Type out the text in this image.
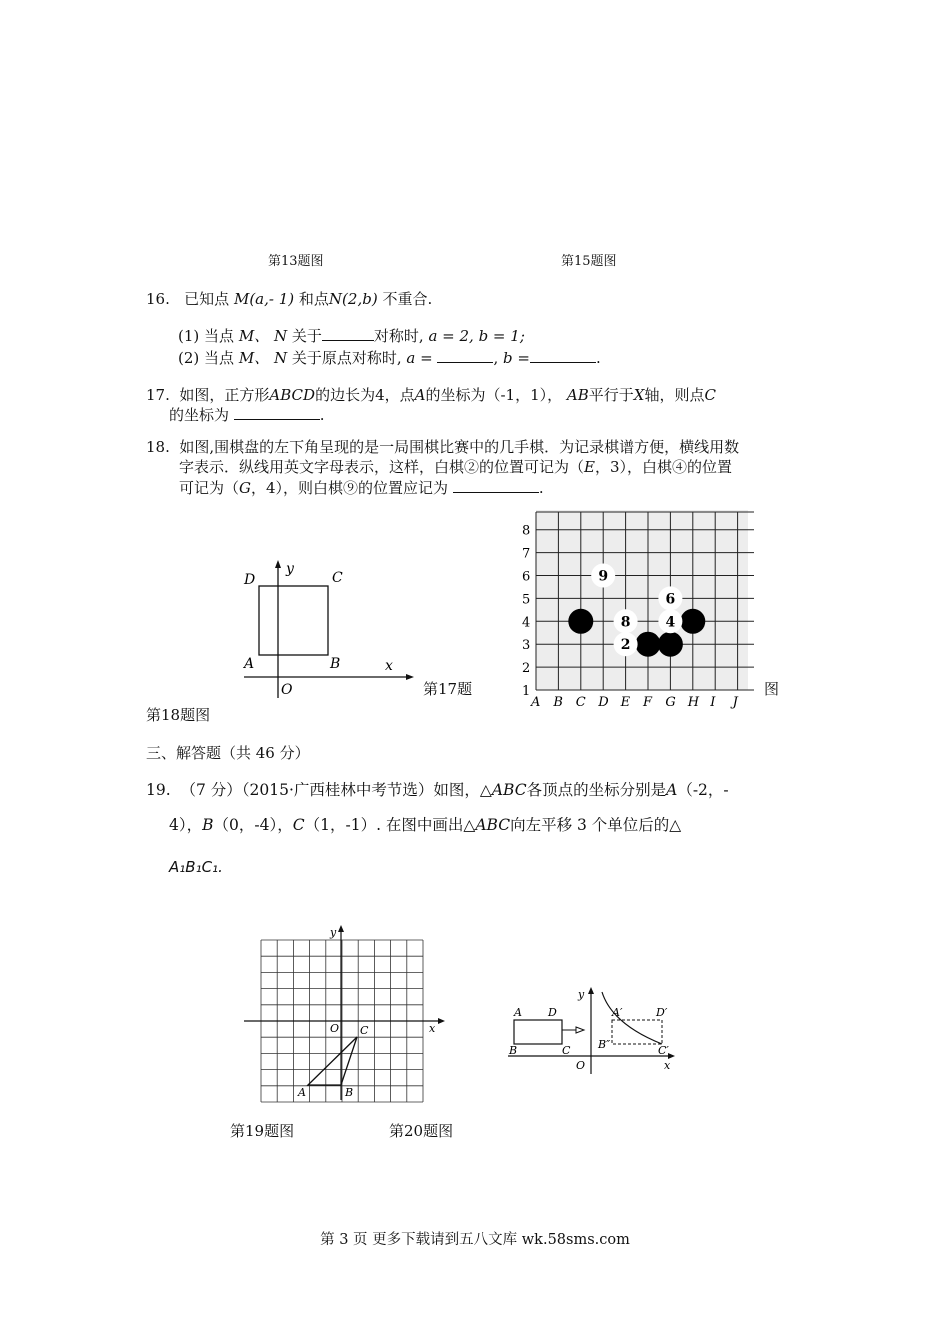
第13题图	第15题图
16. 已知点 M(a,- 1) 和点N(2,b) 不重合.
(1) 当点 M、 N 关于	对称时, a = 2, b = 1;
(2) 当点 M、 N 关于原点对称时, a =	, b =	.
17. 如图，正方形ABCD的边长为4，点A的坐标为（-1，1）， AB平行于X轴，则点C
的坐标为	.
18. 如图,围棋盘的左下角呈现的是一局围棋比赛中的几手棋．为记录棋谱方便，横线用数
字表示．纵线用英文字母表示，这样，白棋②的位置可记为（E，3），白棋④的位置
可记为（G，4），则白棋⑨的位置应记为	.
D	C
A	B
O
x
y
第17题	图
第18题图
1
2
3
4
5
6
7
8
A B C D E F G H I J
9
6
8	4
2
三、解答题（共 46 分）
19. （7 分）（2015·广西桂林中考节选）如图，△ABC各顶点的坐标分别是A（-2，-
4），B（0，-4），C（1，-1）. 在图中画出△ABC向左平移 3 个单位后的△
A₁B₁C₁.
x
y
O C
A	B
A D
B	C
A′	D′
B″	C′
O	x
y
第19题图	第20题图
第 3 页 更多下载请到五八文库 wk.58sms.com
